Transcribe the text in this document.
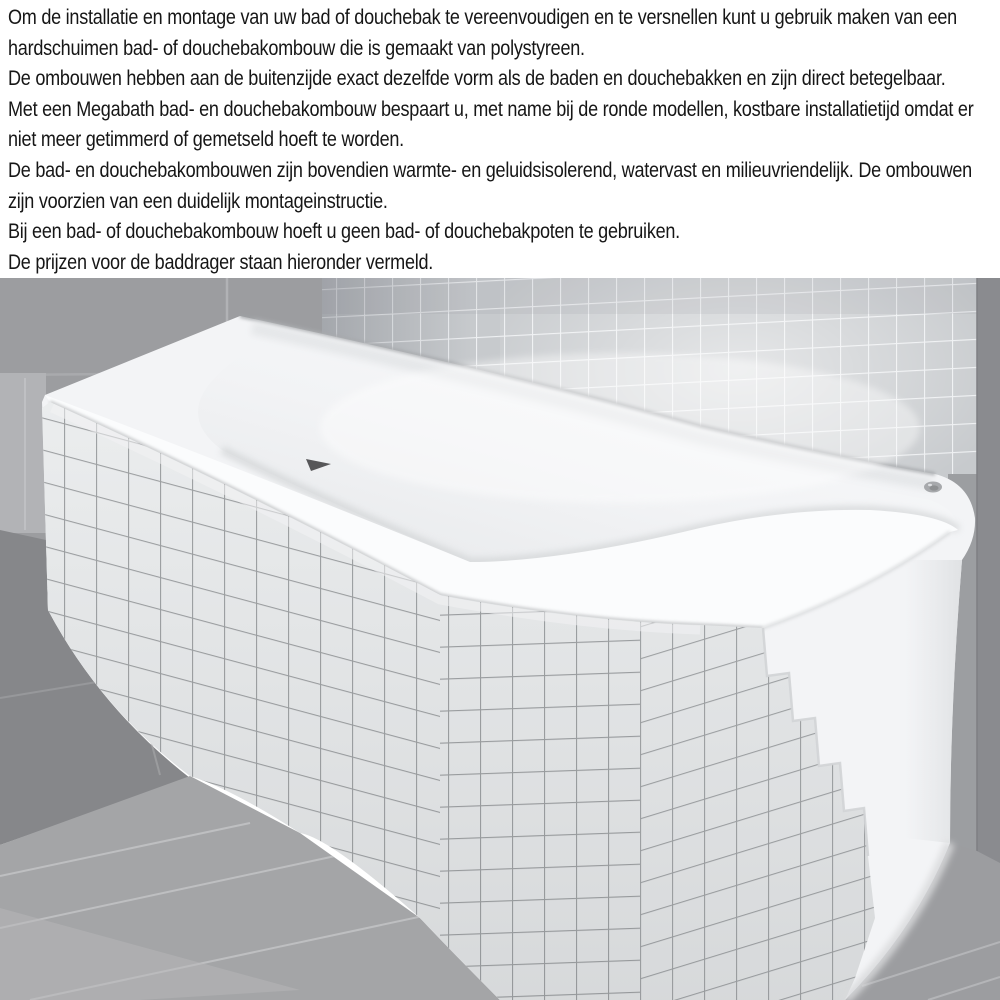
Om de installatie en montage van uw bad of douchebak te vereenvoudigen en te versnellen kunt u gebruik maken van een
hardschuimen bad- of douchebakombouw die is gemaakt van polystyreen.
De ombouwen hebben aan de buitenzijde exact dezelfde vorm als de baden en douchebakken en zijn direct betegelbaar.
Met een Megabath bad- en douchebakombouw bespaart u, met name bij de ronde modellen, kostbare installatietijd omdat er
niet meer getimmerd of gemetseld hoeft te worden.
De bad- en douchebakombouwen zijn bovendien warmte- en geluidsisolerend, watervast en milieuvriendelijk. De ombouwen
zijn voorzien van een duidelijk montageinstructie.
Bij een bad- of douchebakombouw hoeft u geen bad- of douchebakpoten te gebruiken.
De prijzen voor de baddrager staan hieronder vermeld.
